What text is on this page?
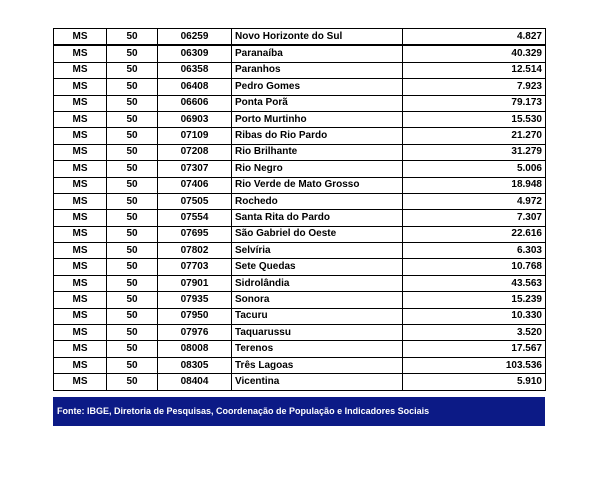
MS	50	06259	Novo Horizonte do Sul	4.827
MS	50	06309	Paranaíba	40.329
MS	50	06358	Paranhos	12.514
MS	50	06408	Pedro Gomes	7.923
MS	50	06606	Ponta Porã	79.173
MS	50	06903	Porto Murtinho	15.530
MS	50	07109	Ribas do Rio Pardo	21.270
MS	50	07208	Rio Brilhante	31.279
MS	50	07307	Rio Negro	5.006
MS	50	07406	Rio Verde de Mato Grosso	18.948
MS	50	07505	Rochedo	4.972
MS	50	07554	Santa Rita do Pardo	7.307
MS	50	07695	São Gabriel do Oeste	22.616
MS	50	07802	Selvíria	6.303
MS	50	07703	Sete Quedas	10.768
MS	50	07901	Sidrolândia	43.563
MS	50	07935	Sonora	15.239
MS	50	07950	Tacuru	10.330
MS	50	07976	Taquarussu	3.520
MS	50	08008	Terenos	17.567
MS	50	08305	Três Lagoas	103.536
MS	50	08404	Vicentina	5.910
Fonte: IBGE, Diretoria de Pesquisas, Coordenação de População e Indicadores Sociais
